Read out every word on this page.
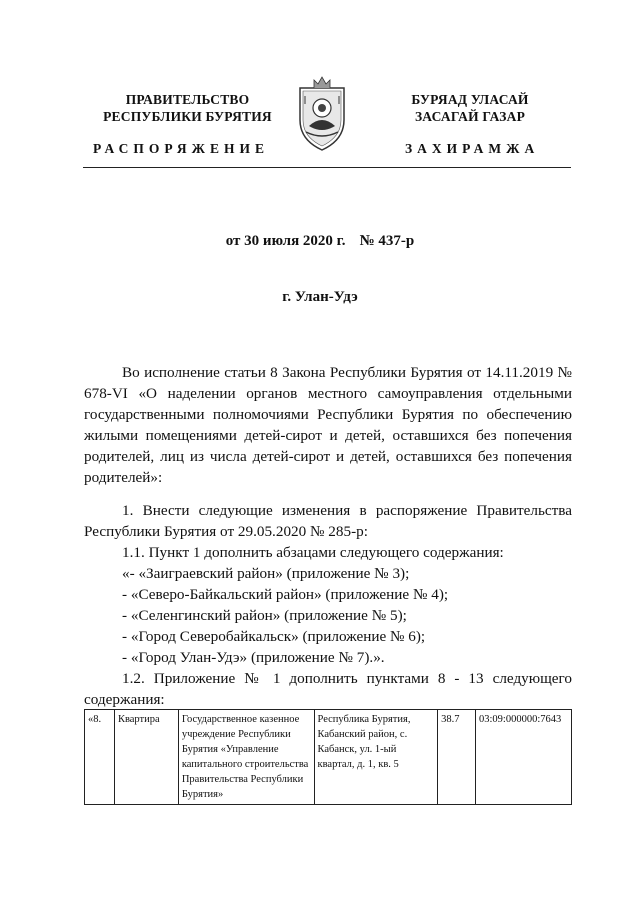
ПРАВИТЕЛЬСТВО
РЕСПУБЛИКИ БУРЯТИЯ
БУРЯАД УЛАСАЙ
ЗАСАГАЙ ГАЗАР
РАСПОРЯЖЕНИЕ	ЗАХИРАМЖА
от 30 июля 2020 г. № 437-р
г. Улан-Удэ
Во исполнение статьи 8 Закона Республики Бурятия от 14.11.2019 № 678-VI «О наделении органов местного самоуправления отдельными государственными полномочиями Республики Бурятия по обеспечению жилыми помещениями детей-сирот и детей, оставшихся без попечения родителей, лиц из числа детей-сирот и детей, оставшихся без попечения родителей»:

1. Внести следующие изменения в распоряжение Правительства Республики Бурятия от 29.05.2020 № 285-р:

1.1. Пункт 1 дополнить абзацами следующего содержания:

«- «Заиграевский район» (приложение № 3);

- «Северо-Байкальский район» (приложение № 4);

- «Селенгинский район» (приложение № 5);

- «Город Северобайкальск» (приложение № 6);

- «Город Улан-Удэ» (приложение № 7).».

1.2. Приложение № 1 дополнить пунктами 8 - 13 следующего содержания:

«8.	Квартира	Государственное казенное учреждение Республики Бурятия «Управление капитального строительства Правительства Республики Бурятия»	Республика Бурятия, Кабанский район, с. Кабанск, ул. 1-ый квартал, д. 1, кв. 5	38.7	03:09:000000:7643
